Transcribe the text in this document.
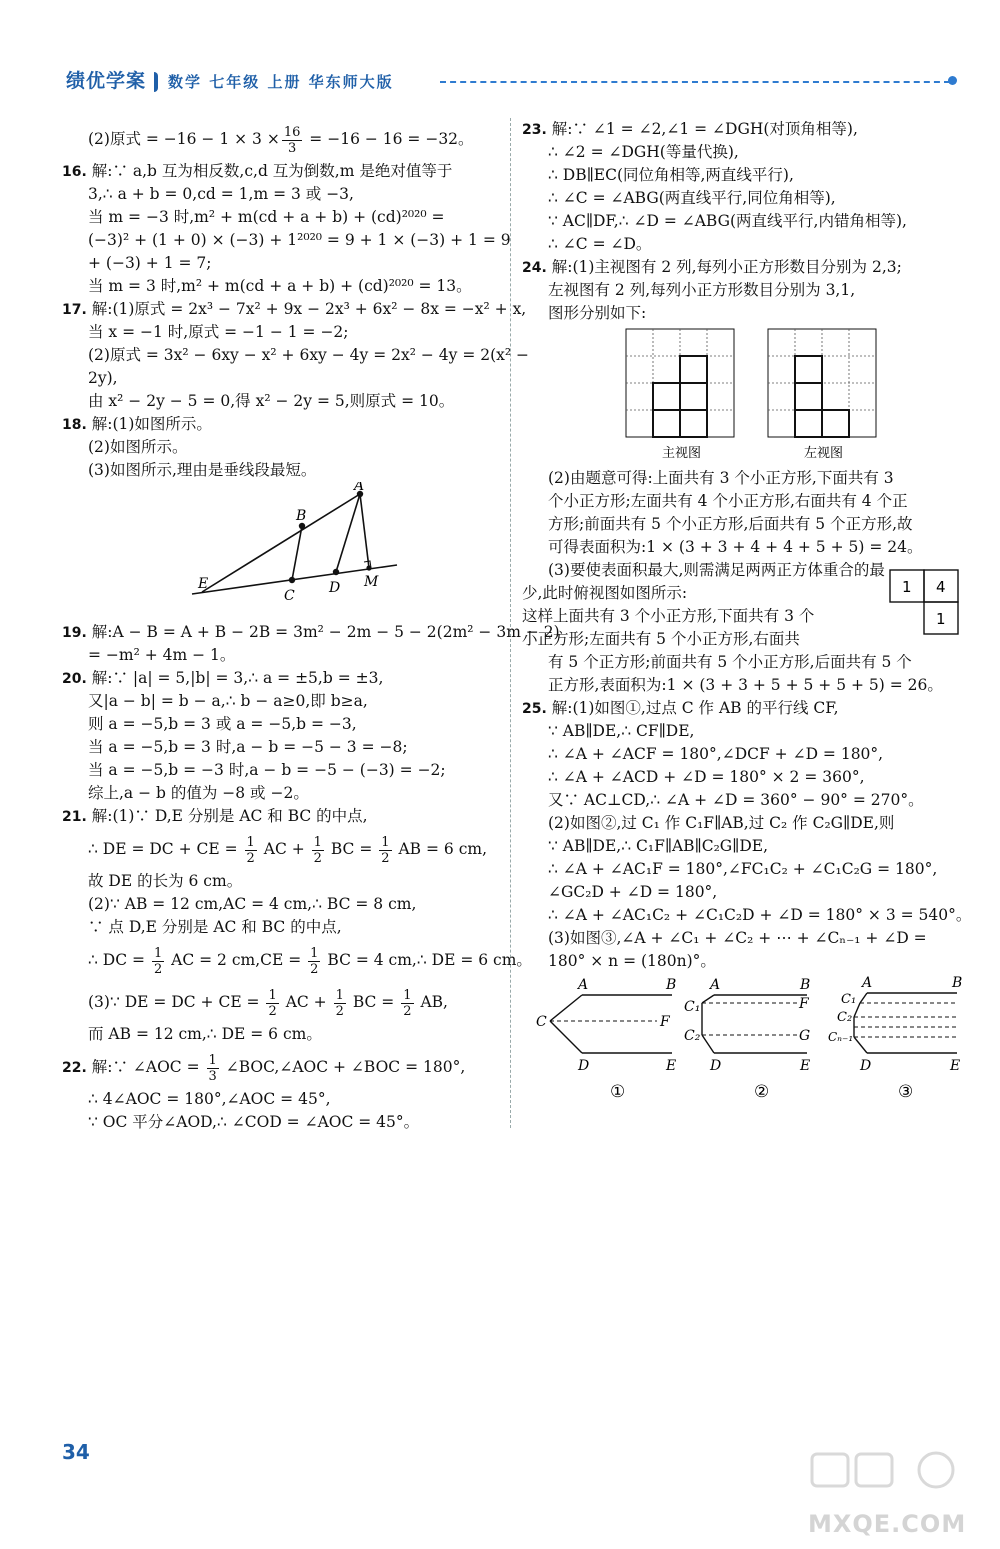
绩优学案	数学 七年级 上册 华东师大版
(2)原式 = $-16 - 1 \times 3 \times \frac{16}{3} = -16 - 16 = -32$。
16. 解:∵ a,b 互为相反数,c,d 互为倒数,m 是绝对值等于
3,∴ a + b = 0,cd = 1,m = 3 或 −3,
当 m = −3 时,m² + m(cd + a + b) + (cd)²⁰²⁰ =
(−3)² + (1 + 0) × (−3) + 1²⁰²⁰ = 9 + 1 × (−3) + 1 = 9
+ (−3) + 1 = 7;
当 m = 3 时,m² + m(cd + a + b) + (cd)²⁰²⁰ = 13。
17. 解:(1)原式 = 2x³ − 7x² + 9x − 2x³ + 6x² − 8x = −x² + x,
当 x = −1 时,原式 = −1 − 1 = −2;
(2)原式 = 3x² − 6xy − x² + 6xy − 4y = 2x² − 4y = 2(x² −
2y),
由 x² − 2y − 5 = 0,得 x² − 2y = 5,则原式 = 10。
18. 解:(1)如图所示。
(2)如图所示。
(3)如图所示,理由是垂线段最短。
A
B
C D
E	M
19. 解:A − B = A + B − 2B = 3m² − 2m − 5 − 2(2m² − 3m − 2)
= −m² + 4m − 1。
20. 解:∵ |a| = 5,|b| = 3,∴ a = ±5,b = ±3,
又|a − b| = b − a,∴ b − a≥0,即 b≥a,
则 a = −5,b = 3 或 a = −5,b = −3,
当 a = −5,b = 3 时,a − b = −5 − 3 = −8;
当 a = −5,b = −3 时,a − b = −5 − (−3) = −2;
综上,a − b 的值为 −8 或 −2。
21. 解:(1)∵ D,E 分别是 AC 和 BC 的中点,
∴ DE = DC + CE = $\frac{1}{2}$ AC + $\frac{1}{2}$ BC = $\frac{1}{2}$ AB = 6 cm,
故 DE 的长为 6 cm。
(2)∵ AB = 12 cm,AC = 4 cm,∴ BC = 8 cm,
∵ 点 D,E 分别是 AC 和 BC 的中点,
∴ DC = $\frac{1}{2}$ AC = 2 $cm,CE = \frac{1}{2}$ BC = 4 cm,∴ DE = 6 cm。
(3)∵ DE = DC + CE = $\frac{1}{2}$ AC + $\frac{1}{2}$ BC = $\frac{1}{2}$ AB,
而 AB = 12 cm,∴ DE = 6 cm。
22. 解:∵ ∠AOC = $\frac{1}{3}$ ∠BOC,∠AOC + ∠BOC = 180°,
∴ 4∠AOC = 180°,∠AOC = 45°,
∵ OC 平分∠AOD,∴ ∠COD = ∠AOC = 45°。
23. 解:∵ ∠1 = ∠2,∠1 = ∠DGH(对顶角相等),
∴ ∠2 = ∠DGH(等量代换),
∴ DB∥EC(同位角相等,两直线平行),
∴ ∠C = ∠ABG(两直线平行,同位角相等),
∵ AC∥DF,∴ ∠D = ∠ABG(两直线平行,内错角相等),
∴ ∠C = ∠D。
24. 解:(1)主视图有 2 列,每列小正方形数目分别为 2,3;
左视图有 2 列,每列小正方形数目分别为 3,1,
图形分别如下:
主视图	左视图
(2)由题意可得:上面共有 3 个小正方形,下面共有 3
个小正方形;左面共有 4 个小正方形,右面共有 4 个正
方形;前面共有 5 个小正方形,后面共有 5 个正方形,故
可得表面积为:1 × (3 + 3 + 4 + 4 + 5 + 5) = 24。
(3)要使表面积最大,则需满足两两正方体重合的最
少,此时俯视图如图所示:
这样上面共有 3 个小正方形,下面共有 3 个
小正方形;左面共有 5 个小正方形,右面共
1 4
1
有 5 个正方形;前面共有 5 个小正方形,后面共有 5 个
正方形,表面积为:1 × (3 + 3 + 5 + 5 + 5 + 5) = 26。
25. 解:(1)如图①,过点 C 作 AB 的平行线 CF,
∵ AB∥DE,∴ CF∥DE,
∴ ∠A + ∠ACF = 180°,∠DCF + ∠D = 180°,
∴ ∠A + ∠ACD + ∠D = 180° × 2 = 360°,
又∵ AC⊥CD,∴ ∠A + ∠D = 360° − 90° = 270°。
(2)如图②,过 C₁ 作 C₁F∥AB,过 C₂ 作 C₂G∥DE,则
∵ AB∥DE,∴ C₁F∥AB∥C₂G∥DE,
∴ ∠A + ∠AC₁F = 180°,∠FC₁C₂ + ∠C₁C₂G = 180°,
∠GC₂D + ∠D = 180°,
∴ ∠A + ∠AC₁C₂ + ∠C₁C₂D + ∠D = 180° × 3 = 540°。
(3)如图③,∠A + ∠C₁ + ∠C₂ + ⋯ + ∠Cₙ₋₁ + ∠D =
180° × n = (180n)°。
A	B
C	F
D	E
①
A	B
C₁	F
C₂	G
D	E
②
A	B
C₁
C₂
Cₙ₋₁
D	E
③
34
MXQE.COM
